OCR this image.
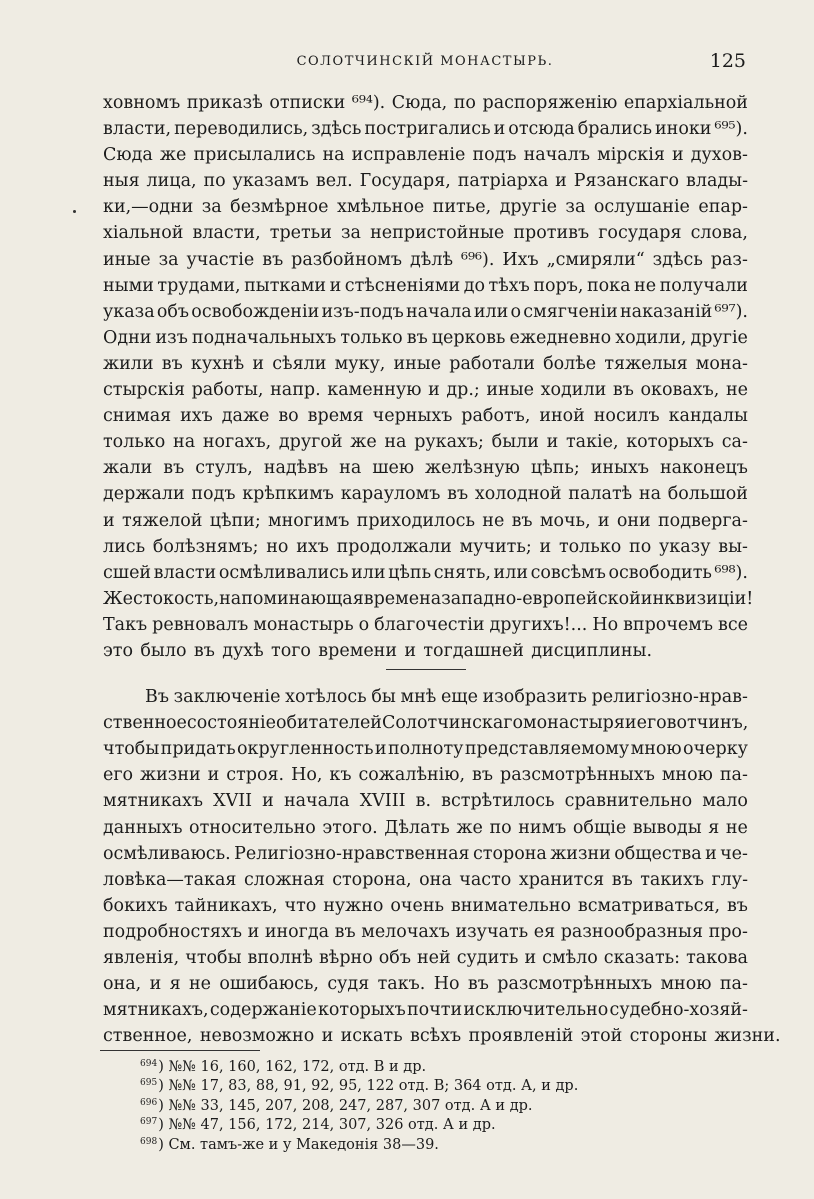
СОЛОТЧИНСКІЙ МОНАСТЫРЬ.	125
ховномъ приказѣ отписки ⁶⁹⁴). Сюда, по распоряженію епархіальной
власти, переводились, здѣсь постригались и отсюда брались иноки ⁶⁹⁵).
Сюда же присылались на исправленіе подъ началъ мірскія и духов-
ныя лица, по указамъ вел. Государя, патріарха и Рязанскаго влады-
ки,—одни за безмѣрное хмѣльное питье, другіе за ослушаніе епар-
хіальной власти, третьи за непристойные противъ государя слова,
иные за участіе въ разбойномъ дѣлѣ ⁶⁹⁶). Ихъ „смиряли“ здѣсь раз-
ными трудами, пытками и стѣсненіями до тѣхъ поръ, пока не получали
указа объ освобожденіи изъ-подъ начала или о смягченіи наказаній ⁶⁹⁷).
Одни изъ подначальныхъ только въ церковь ежедневно ходили, другіе
жили въ кухнѣ и сѣяли муку, иные работали болѣе тяжелыя мона-
стырскія работы, напр. каменную и др.; иные ходили въ оковахъ, не
снимая ихъ даже во время черныхъ работъ, иной носилъ кандалы
только на ногахъ, другой же на рукахъ; были и такіе, которыхъ са-
жали въ стулъ, надѣвъ на шею желѣзную цѣпь; иныхъ наконецъ
держали подъ крѣпкимъ карауломъ въ холодной палатѣ на большой
и тяжелой цѣпи; многимъ приходилось не въ мочь, и они подверга-
лись болѣзнямъ; но ихъ продолжали мучить; и только по указу вы-
сшей власти осмѣливались или цѣпь снять, или совсѣмъ освободить ⁶⁹⁸).
Жестокость, напоминающая времена западно-европейской инквизиціи!
Такъ ревновалъ монастырь о благочестіи другихъ!... Но впрочемъ все
это было въ духѣ того времени и тогдашней дисциплины.
Въ заключеніе хотѣлось бы мнѣ еще изобразить религіозно-нрав-
ственное состояніе обитателей Солотчинскаго монастыря и его вотчинъ,
чтобы придать округленность и полноту представляемому мною очерку
его жизни и строя. Но, къ сожалѣнію, въ разсмотрѣнныхъ мною па-
мятникахъ XVII и начала XVIII в. встрѣтилось сравнительно мало
данныхъ относительно этого. Дѣлать же по нимъ общіе выводы я не
осмѣливаюсь. Религіозно-нравственная сторона жизни общества и че-
ловѣка—такая сложная сторона, она часто хранится въ такихъ глу-
бокихъ тайникахъ, что нужно очень внимательно всматриваться, въ
подробностяхъ и иногда въ мелочахъ изучать ея разнообразныя про-
явленія, чтобы вполнѣ вѣрно объ ней судить и смѣло сказать: такова
она, и я не ошибаюсь, судя такъ. Но въ разсмотрѣнныхъ мною па-
мятникахъ, содержаніе которыхъ почти исключительно судебно-хозяй-
ственное, невозможно и искать всѣхъ проявленій этой стороны жизни.
$^{694}$) №№ 16, 160, 162, 172, отд. В и др.
$^{695}$) №№ 17, 83, 88, 91, 92, 95, 122 отд. В; 364 отд. А, и др.
$^{696}$) №№ 33, 145, 207, 208, 247, 287, 307 отд. А и др.
$^{697}$) №№ 47, 156, 172, 214, 307, 326 отд. А и др.
$^{698}$) См. тамъ-же и у Македонія 38—39.
